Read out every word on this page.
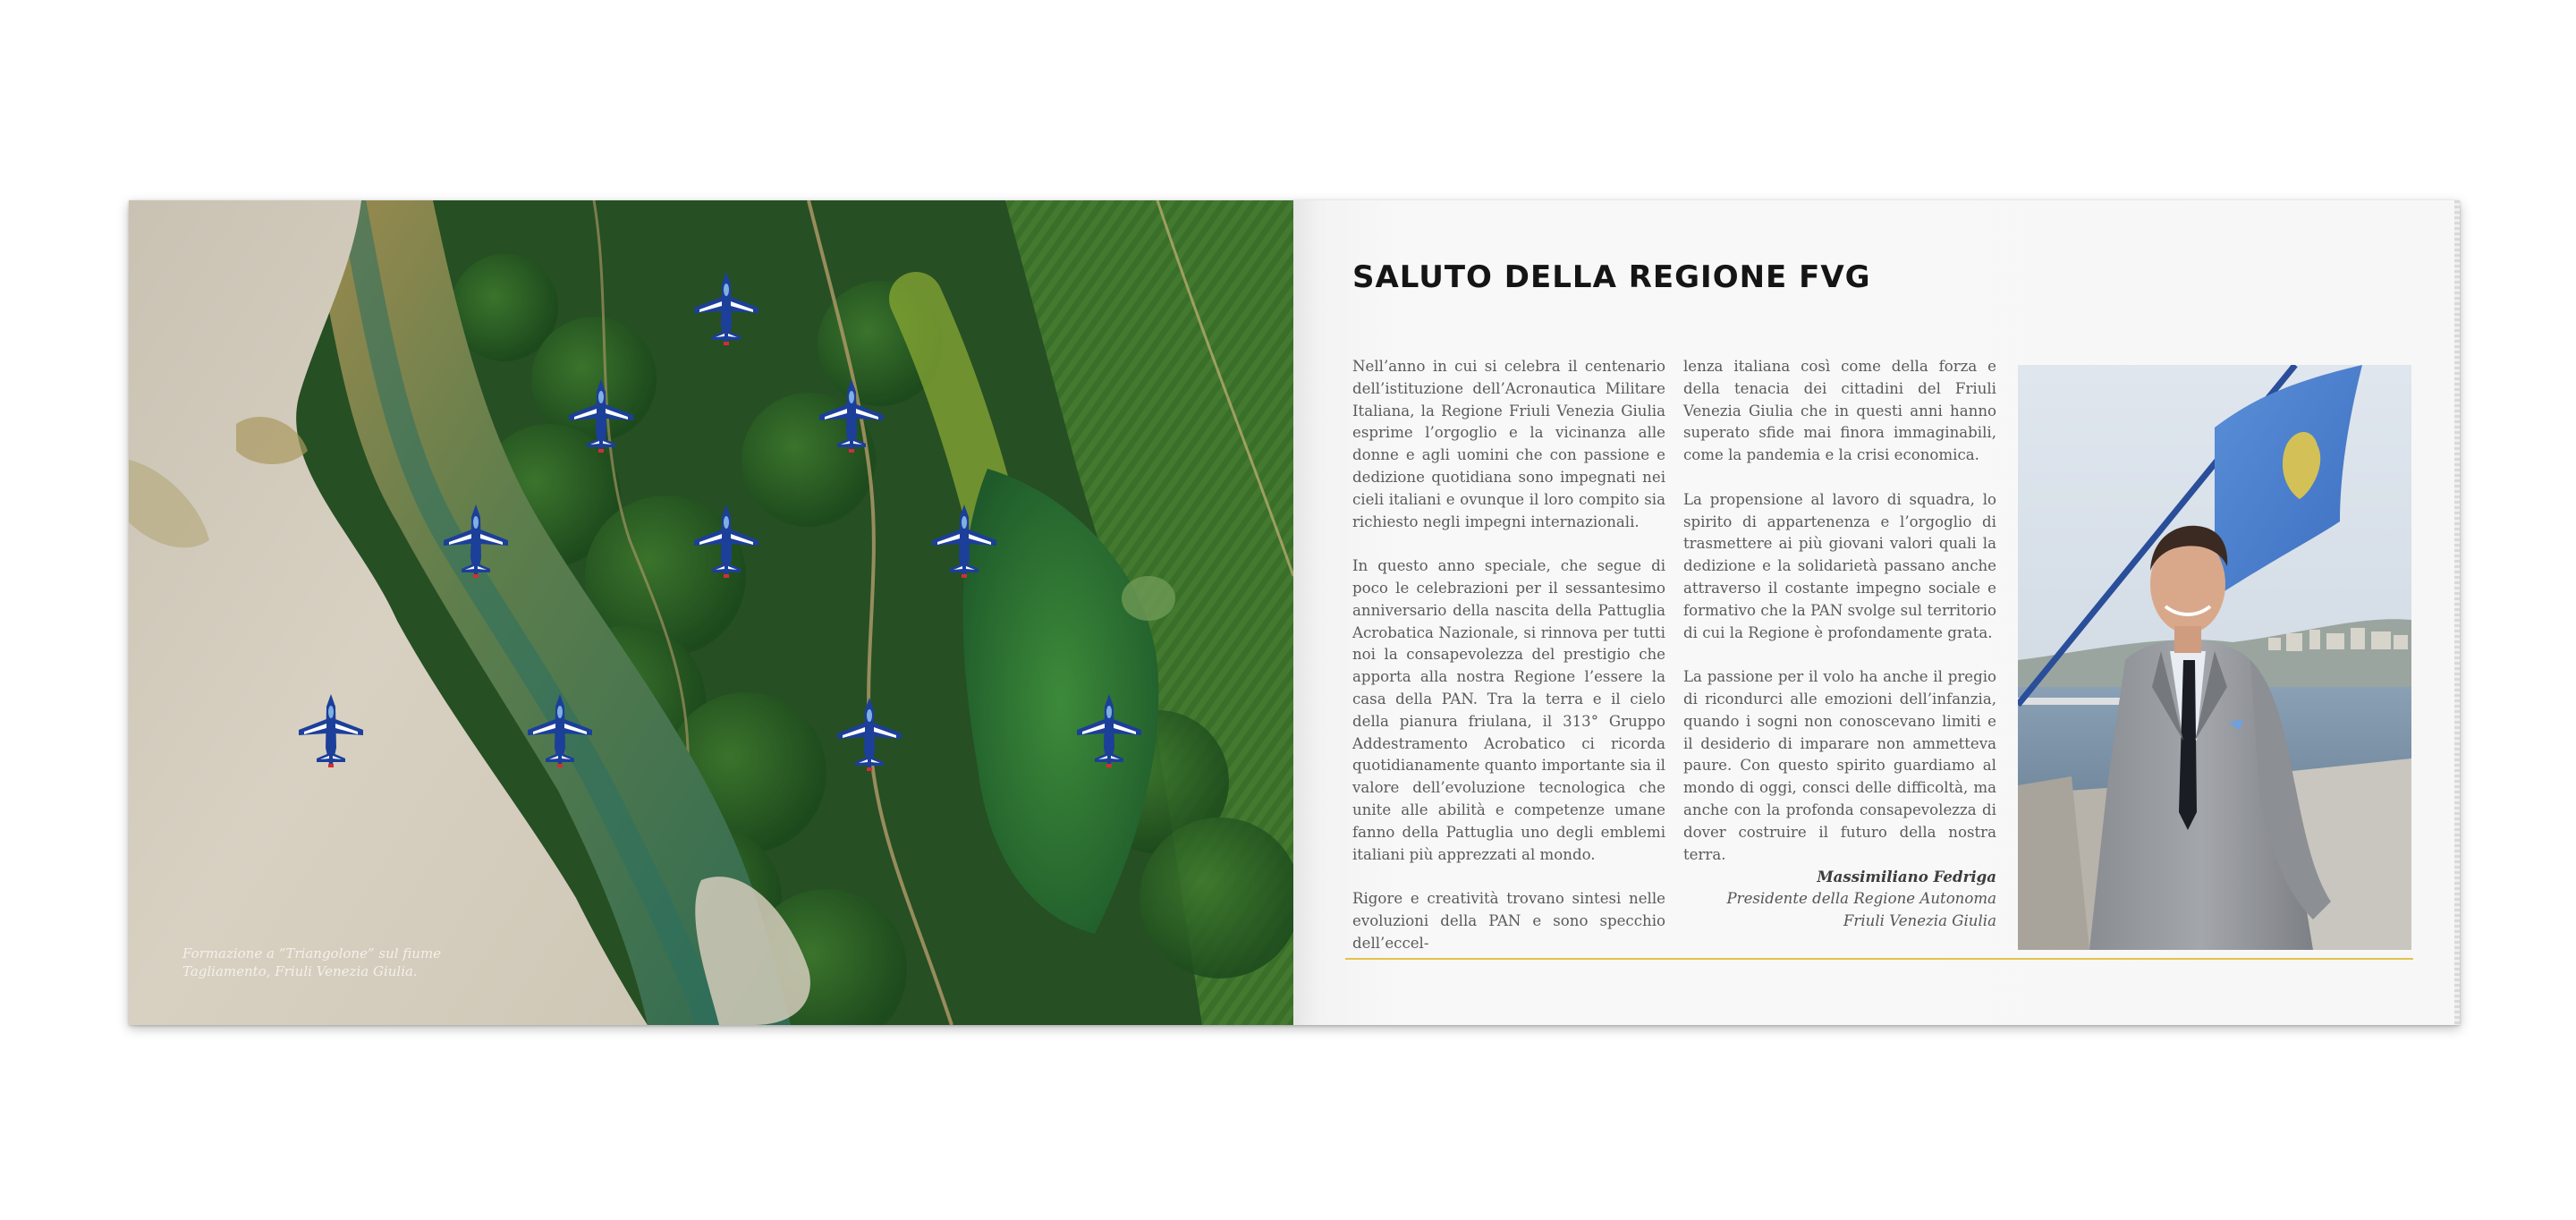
Formazione a “Triangolone” sul fiume
Tagliamento, Friuli Venezia Giulia.
SALUTO DELLA REGIONE FVG

Nell’anno in cui si celebra il centenario dell’istituzione dell’Acronautica Militare Italiana, la Regione Friuli Venezia Giulia esprime l’orgoglio e la vicinanza alle donne e agli uomini che con passione e dedizione quotidiana sono impegnati nei cieli italiani e ovunque il loro compito sia richiesto negli impegni internazionali.

In questo anno speciale, che segue di poco le celebrazioni per il sessantesimo anniversario della nascita della Pattuglia Acrobatica Nazionale, si rinnova per tutti noi la consapevolezza del prestigio che apporta alla nostra Regione l’essere la casa della PAN. Tra la terra e il cielo della pianura friulana, il 313° Gruppo Addestramento Acrobatico ci ricorda quotidianamente quanto importante sia il valore dell’evoluzione tecnologica che unite alle abilità e competenze umane fanno della Pattuglia uno degli emblemi italiani più apprezzati al mondo.

Rigore e creatività trovano sintesi nelle evoluzioni della PAN e sono specchio dell’eccel-

lenza italiana così come della forza e della tenacia dei cittadini del Friuli Venezia Giulia che in questi anni hanno superato sfide mai finora immaginabili, come la pandemia e la crisi economica.

La propensione al lavoro di squadra, lo spirito di appartenenza e l’orgoglio di trasmettere ai più giovani valori quali la dedizione e la solidarietà passano anche attraverso il costante impegno sociale e formativo che la PAN svolge sul territorio di cui la Regione è profondamente grata.

La passione per il volo ha anche il pregio di ricondurci alle emozioni dell’infanzia, quando i sogni non conoscevano limiti e il desiderio di imparare non ammetteva paure. Con questo spirito guardiamo al mondo di oggi, consci delle difficoltà, ma anche con la profonda consapevolezza di dover costruire il futuro della nostra terra.

Massimiliano Fedriga
Presidente della Regione Autonoma
Friuli Venezia Giulia
